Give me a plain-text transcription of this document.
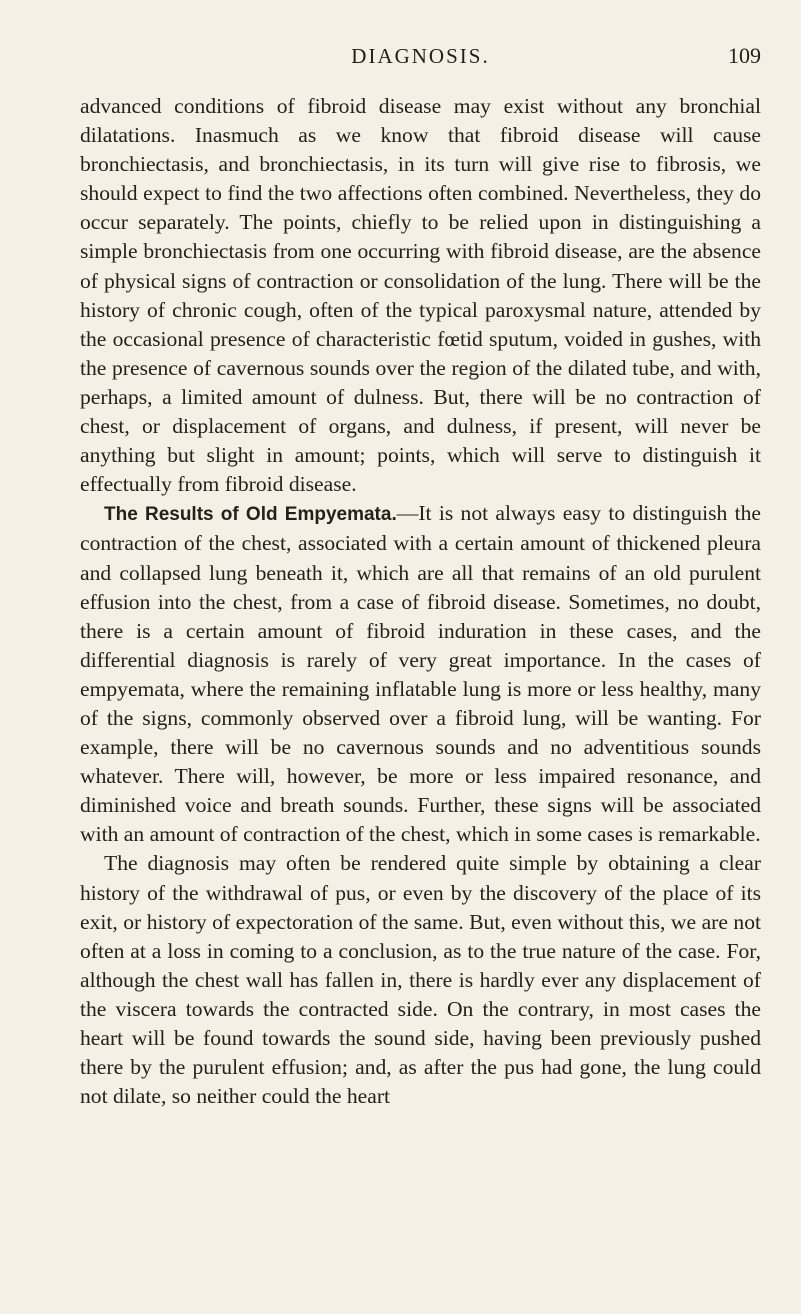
DIAGNOSIS.	109

advanced conditions of fibroid disease may exist without any bronchial dilatations. Inasmuch as we know that fibroid disease will cause bronchiectasis, and bronchiectasis, in its turn will give rise to fibrosis, we should expect to find the two affections often combined. Nevertheless, they do occur separately. The points, chiefly to be relied upon in distinguishing a simple bronchiectasis from one occurring with fibroid disease, are the absence of physical signs of contraction or consolidation of the lung. There will be the history of chronic cough, often of the typical paroxysmal nature, attended by the occasional presence of characteristic fœtid sputum, voided in gushes, with the presence of cavernous sounds over the region of the dilated tube, and with, perhaps, a limited amount of dulness. But, there will be no contraction of chest, or displacement of organs, and dulness, if present, will never be anything but slight in amount; points, which will serve to distinguish it effectually from fibroid disease.

The Results of Old Empyemata.—It is not always easy to distinguish the contraction of the chest, associated with a certain amount of thickened pleura and collapsed lung beneath it, which are all that remains of an old purulent effusion into the chest, from a case of fibroid disease. Sometimes, no doubt, there is a certain amount of fibroid induration in these cases, and the differential diagnosis is rarely of very great importance. In the cases of empyemata, where the remaining inflatable lung is more or less healthy, many of the signs, commonly observed over a fibroid lung, will be wanting. For example, there will be no cavernous sounds and no adventitious sounds whatever. There will, however, be more or less impaired resonance, and diminished voice and breath sounds. Further, these signs will be associated with an amount of contraction of the chest, which in some cases is remarkable.

The diagnosis may often be rendered quite simple by obtaining a clear history of the withdrawal of pus, or even by the discovery of the place of its exit, or history of expectoration of the same. But, even without this, we are not often at a loss in coming to a conclusion, as to the true nature of the case. For, although the chest wall has fallen in, there is hardly ever any displacement of the viscera towards the contracted side. On the contrary, in most cases the heart will be found towards the sound side, having been previously pushed there by the purulent effusion; and, as after the pus had gone, the lung could not dilate, so neither could the heart
